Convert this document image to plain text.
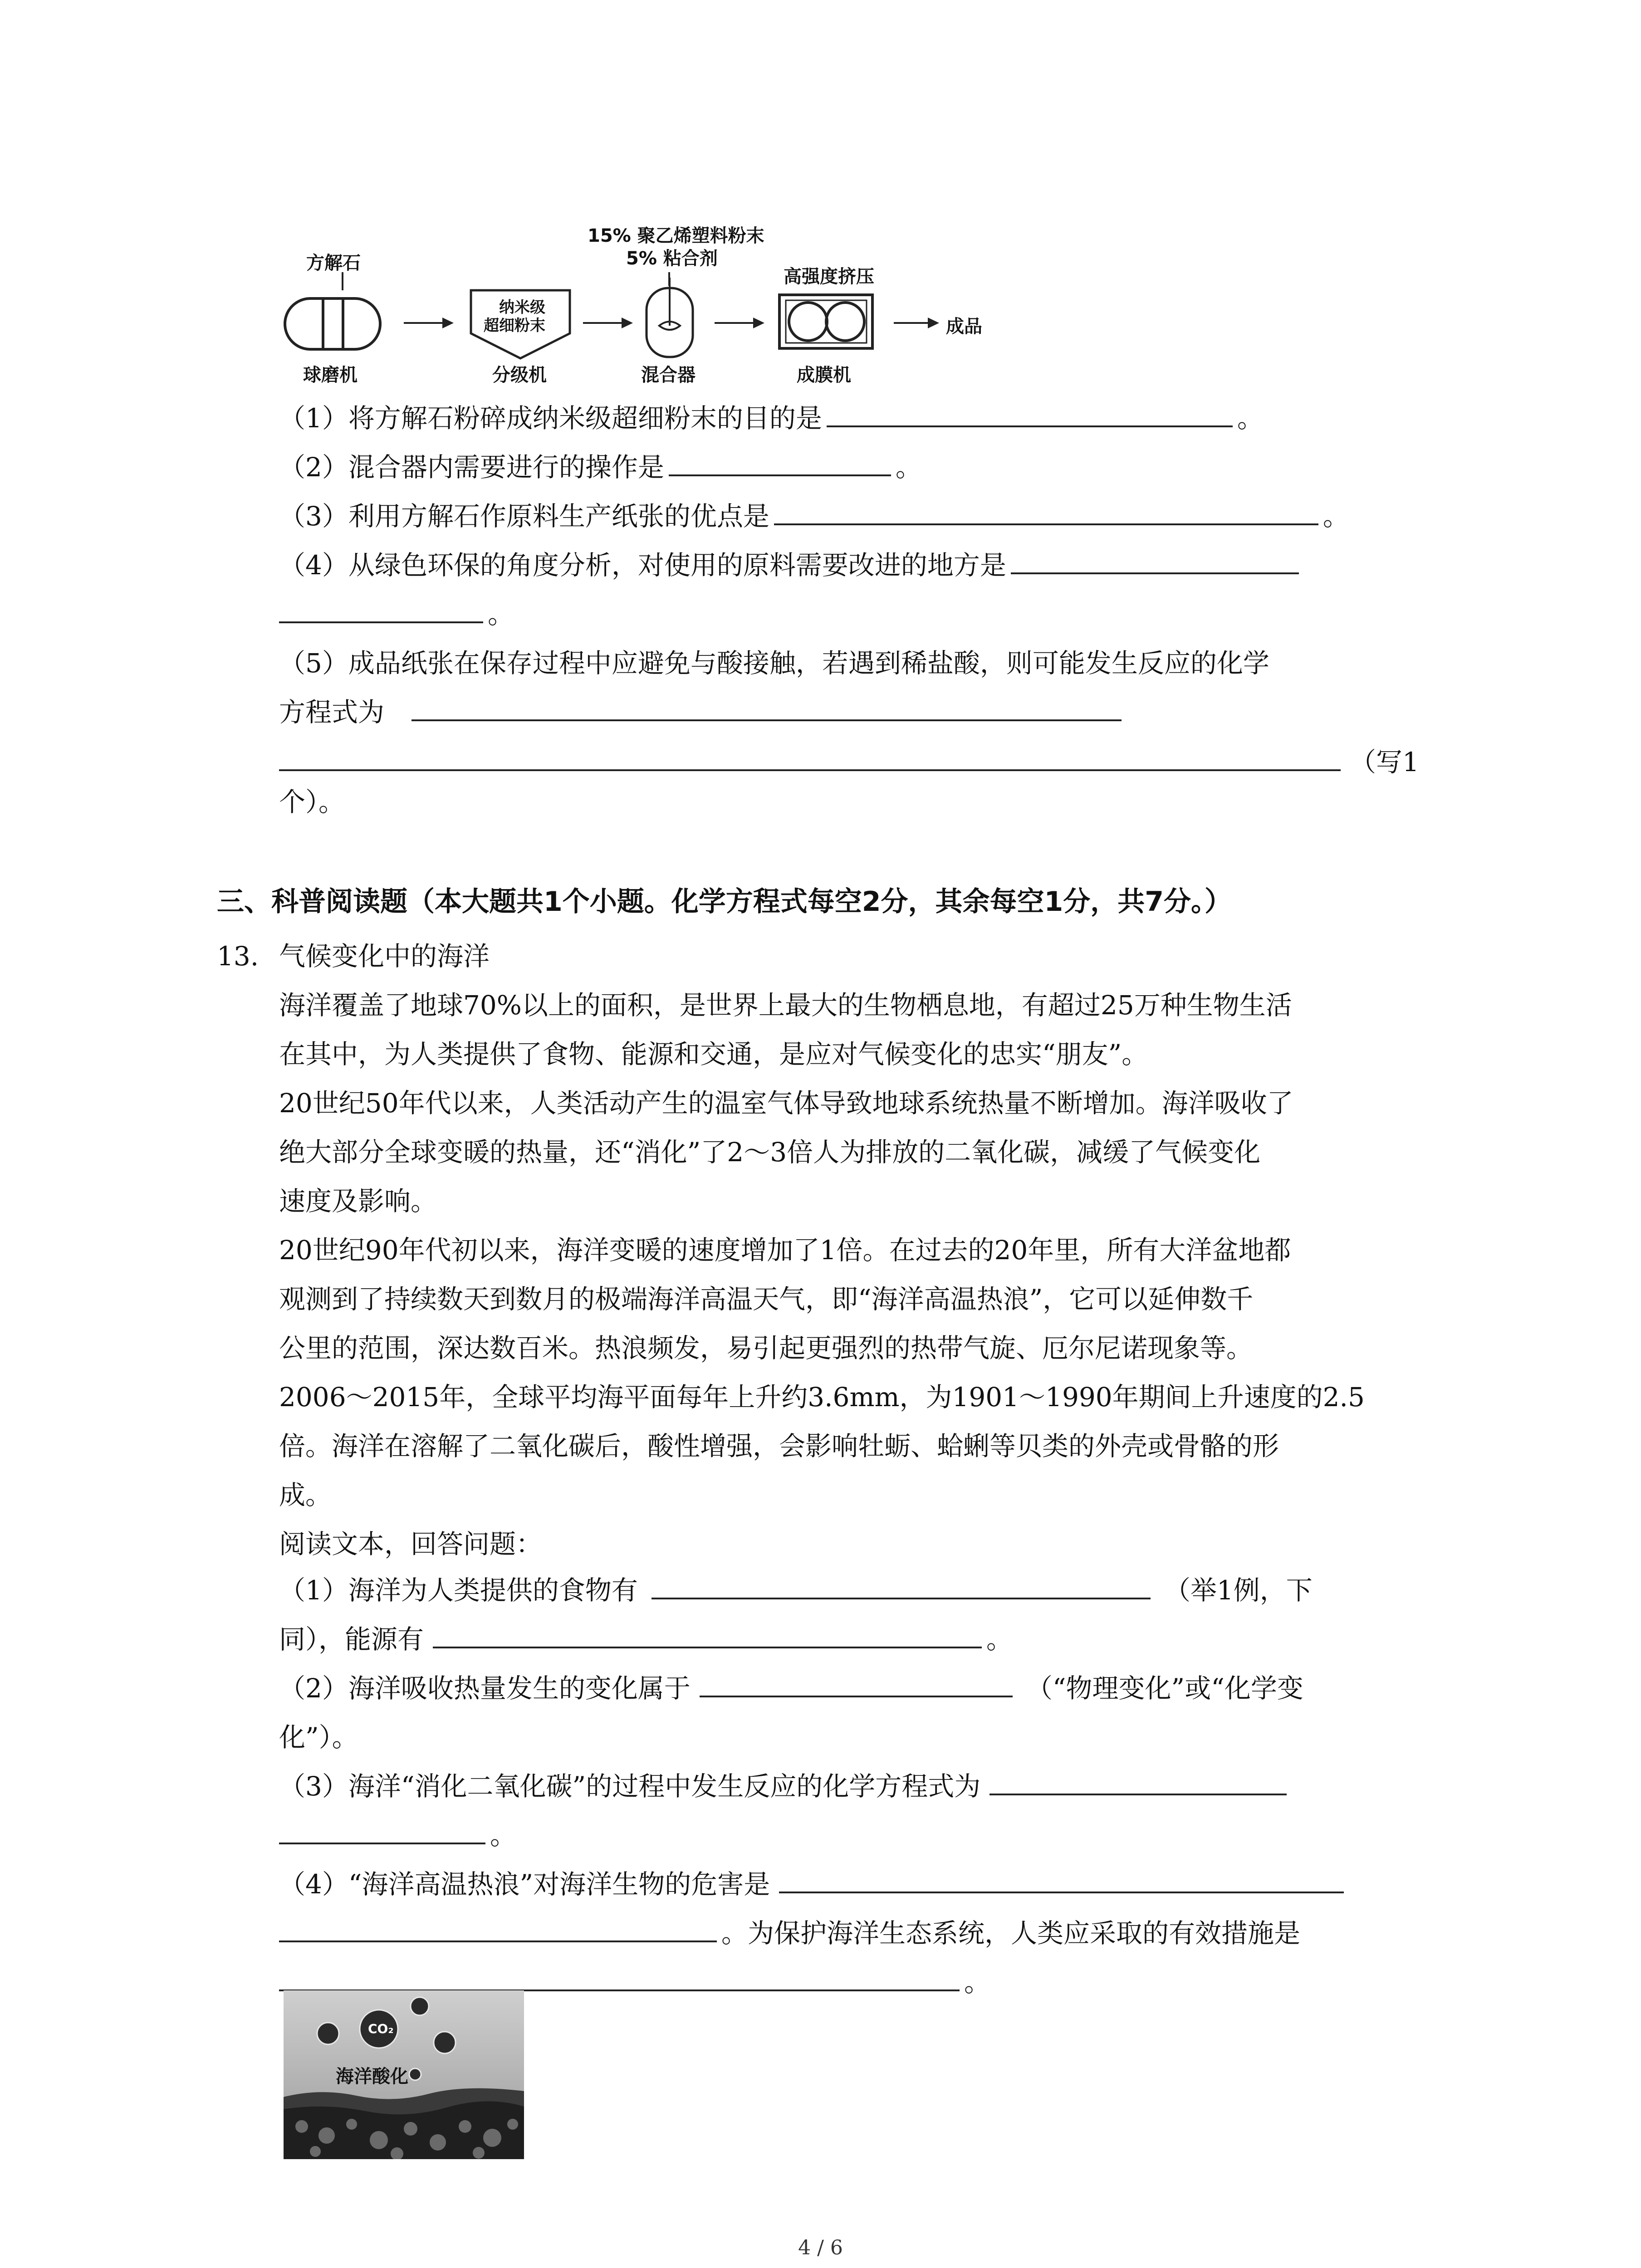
方解石
15% 聚乙烯塑料粉末
5% 粘合剂
高强度挤压
纳米级
超细粉末	成品
球磨机	分级机	混合器	成膜机
（1）将方解石粉碎成纳米级超细粉末的目的是	。
（2）混合器内需要进行的操作是	。
（3）利用方解石作原料生产纸张的优点是	。
（4）从绿色环保的角度分析，对使用的原料需要改进的地方是
。
（5）成品纸张在保存过程中应避免与酸接触，若遇到稀盐酸，则可能发生反应的化学
方程式为
（写1
个）。
三、科普阅读题（本大题共1个小题。化学方程式每空2分，其余每空1分，共7分。）
13. 气候变化中的海洋
海洋覆盖了地球70%以上的面积，是世界上最大的生物栖息地，有超过25万种生物生活
在其中，为人类提供了食物、能源和交通，是应对气候变化的忠实“朋友”。
20世纪50年代以来，人类活动产生的温室气体导致地球系统热量不断增加。海洋吸收了
绝大部分全球变暖的热量，还“消化”了2～3倍人为排放的二氧化碳，减缓了气候变化
速度及影响。
20世纪90年代初以来，海洋变暖的速度增加了1倍。在过去的20年里，所有大洋盆地都
观测到了持续数天到数月的极端海洋高温天气，即“海洋高温热浪”，它可以延伸数千
公里的范围，深达数百米。热浪频发，易引起更强烈的热带气旋、厄尔尼诺现象等。
2006～2015年，全球平均海平面每年上升约3.6mm，为1901～1990年期间上升速度的2.5
倍。海洋在溶解了二氧化碳后，酸性增强，会影响牡蛎、蛤蜊等贝类的外壳或骨骼的形
成。
阅读文本，回答问题：
（1）海洋为人类提供的食物有	（举1例，下
同），能源有	。
（2）海洋吸收热量发生的变化属于	（“物理变化”或“化学变
化”）。
（3）海洋“消化二氧化碳”的过程中发生反应的化学方程式为
。
（4）“海洋高温热浪”对海洋生物的危害是
。为保护海洋生态系统，人类应采取的有效措施是
。
CO₂
海洋酸化
4 / 6
